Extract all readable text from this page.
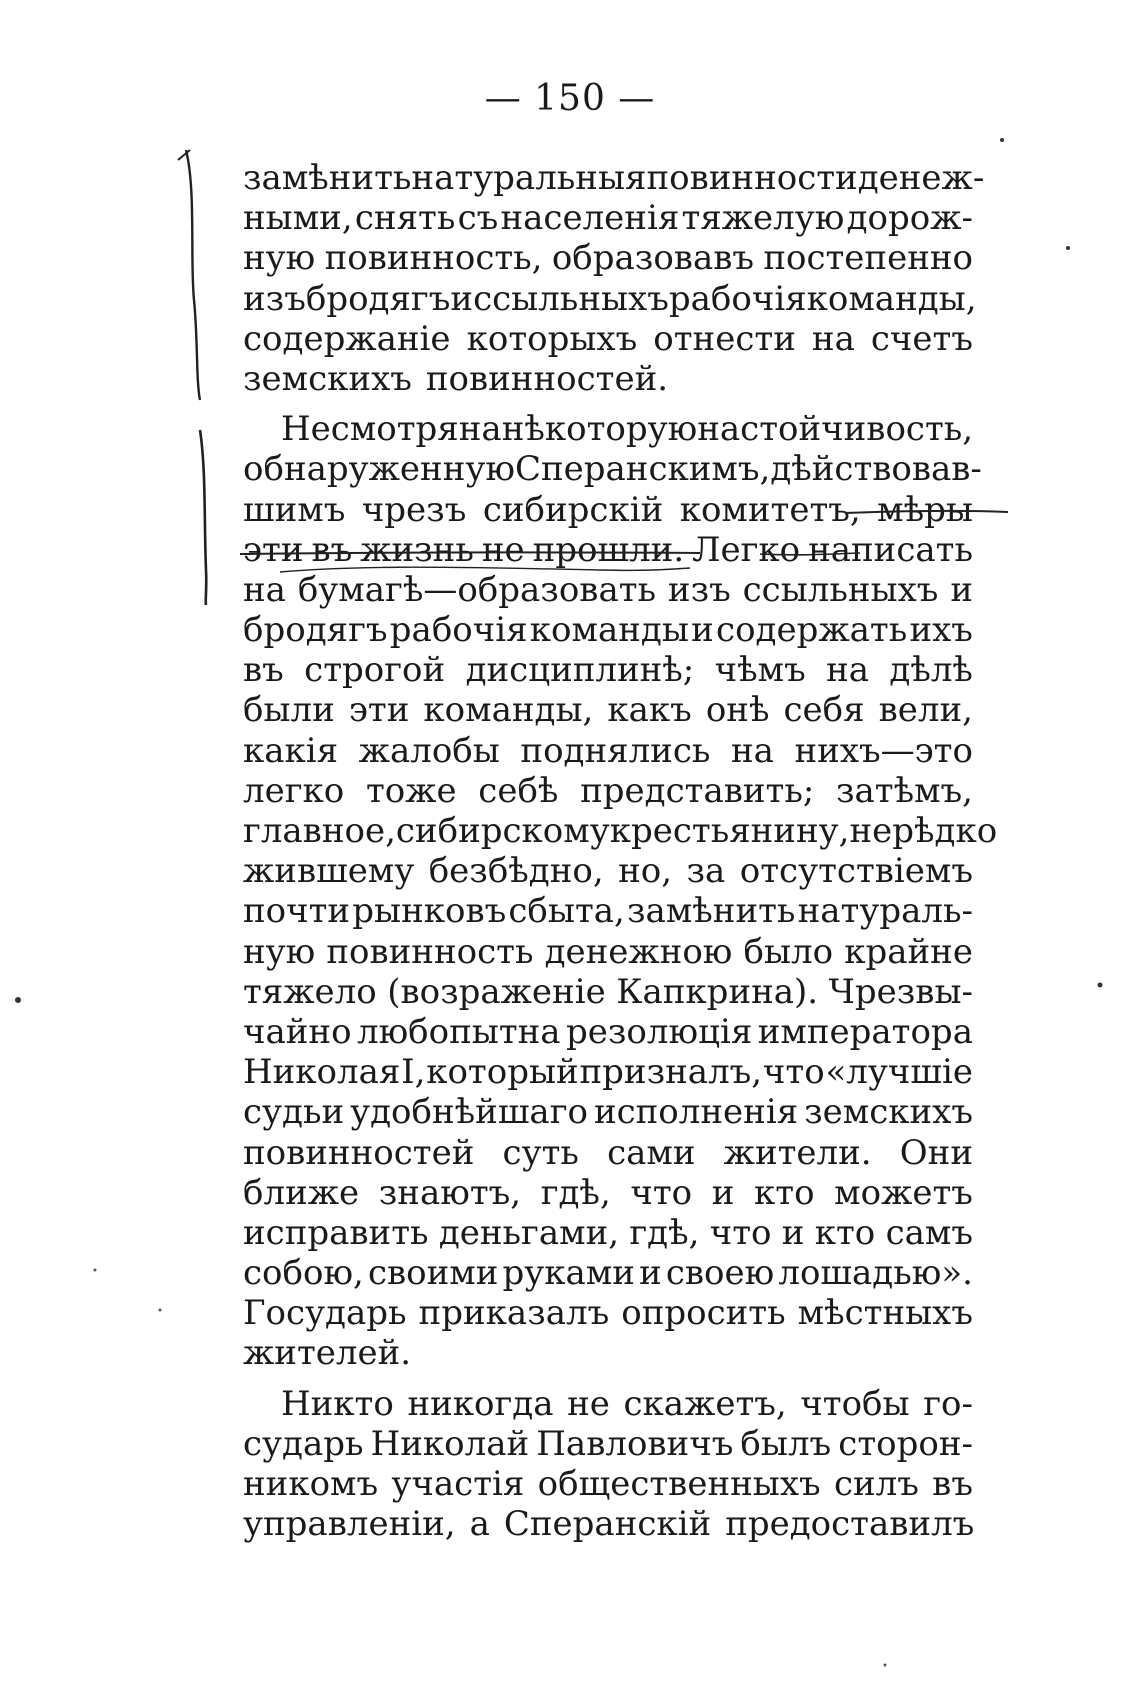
— 150 —
замѣнить натуральныя повинности денеж-
ными, снять съ населенія тяжелую дорож-
ную повинность, образовавъ постепенно
изъ бродягъ и ссыльныхъ рабочія команды,
содержаніе которыхъ отнести на счетъ
земскихъ повинностей.
Несмотря на нѣкоторую настойчивость,
обнаруженную Сперанскимъ, дѣйствовав-
шимъ чрезъ сибирскій комитетъ, мѣры
эти въ жизнь не прошли. Легко написать
на бумагѣ—образовать изъ ссыльныхъ и
бродягъ рабочія команды и содержать ихъ
въ строгой дисциплинѣ; чѣмъ на дѣлѣ
были эти команды, какъ онѣ себя вели,
какія жалобы поднялись на нихъ—это
легко тоже себѣ представить; затѣмъ,
главное, сибирскому крестьянину, нерѣдко
жившему безбѣдно, но, за отсутствіемъ
почти рынковъ сбыта, замѣнить натураль-
ную повинность денежною было крайне
тяжело (возраженіе Капкрина). Чрезвы-
чайно любопытна резолюція императора
Николая I, который призналъ, что «лучшіе
судьи удобнѣйшаго исполненія земскихъ
повинностей суть сами жители. Они
ближе знаютъ, гдѣ, что и кто можетъ
исправить деньгами, гдѣ, что и кто самъ
собою, своими руками и своею лошадью».
Государь приказалъ опросить мѣстныхъ
жителей.
Никто никогда не скажетъ, чтобы го-
сударь Николай Павловичъ былъ сторон-
никомъ участія общественныхъ силъ въ
управленіи, а Сперанскій предоставилъ
